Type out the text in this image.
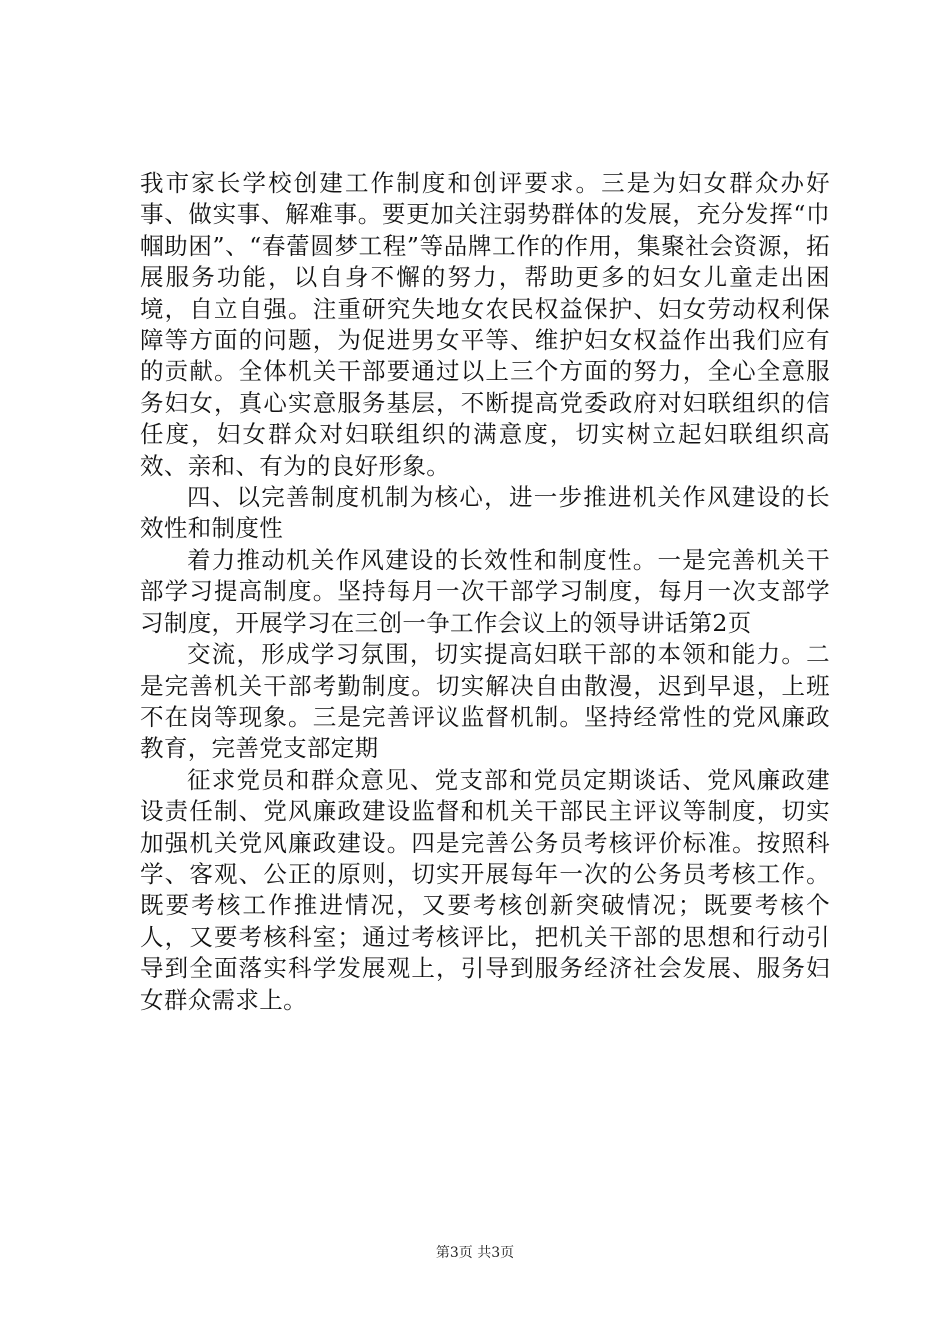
我市家长学校创建工作制度和创评要求。三是为妇女群众办好事、做实事、解难事。要更加关注弱势群体的发展，充分发挥“巾帼助困”、“春蕾圆梦工程”等品牌工作的作用，集聚社会资源，拓展服务功能，以自身不懈的努力，帮助更多的妇女儿童走出困境，自立自强。注重研究失地女农民权益保护、妇女劳动权利保障等方面的问题，为促进男女平等、维护妇女权益作出我们应有的贡献。全体机关干部要通过以上三个方面的努力，全心全意服务妇女，真心实意服务基层，不断提高党委政府对妇联组织的信任度，妇女群众对妇联组织的满意度，切实树立起妇联组织高效、亲和、有为的良好形象。

四、以完善制度机制为核心，进一步推进机关作风建设的长效性和制度性

着力推动机关作风建设的长效性和制度性。一是完善机关干部学习提高制度。坚持每月一次干部学习制度，每月一次支部学习制度，开展学习在三创一争工作会议上的领导讲话第2页

交流，形成学习氛围，切实提高妇联干部的本领和能力。二是完善机关干部考勤制度。切实解决自由散漫，迟到早退，上班不在岗等现象。三是完善评议监督机制。坚持经常性的党风廉政教育，完善党支部定期

征求党员和群众意见、党支部和党员定期谈话、党风廉政建设责任制、党风廉政建设监督和机关干部民主评议等制度，切实加强机关党风廉政建设。四是完善公务员考核评价标准。按照科学、客观、公正的原则，切实开展每年一次的公务员考核工作。既要考核工作推进情况，又要考核创新突破情况；既要考核个人，又要考核科室；通过考核评比，把机关干部的思想和行动引导到全面落实科学发展观上，引导到服务经济社会发展、服务妇女群众需求上。

第3页 共3页
